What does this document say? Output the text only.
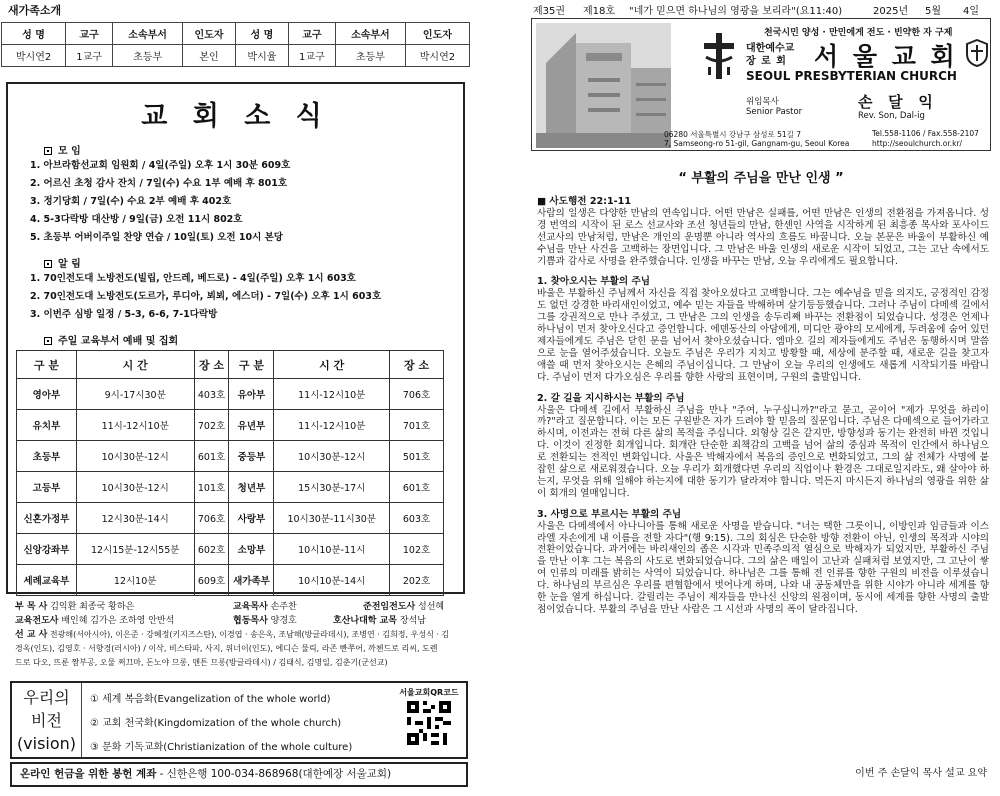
새가족소개
성 명	교구	소속부서	인도자	성 명	교구	소속부서	인도자
박시연2	1교구	초등부	본인	박시율	1교구	초등부	박시연2
교 회 소 식
모 임
1. 아브라함선교회 임원회 / 4일(주일) 오후 1시 30분 609호
2. 어르신 초청 감사 잔치 / 7일(수) 수요 1부 예배 후 801호
3. 정기당회 / 7일(수) 수요 2부 예배 후 402호
4. 5-3다락방 대산방 / 9일(금) 오전 11시 802호
5. 초등부 어버이주일 찬양 연습 / 10일(토) 오전 10시 본당
알 림
1. 70인전도대 노방전도(빌립, 안드레, 베드로) - 4일(주일) 오후 1시 603호
2. 70인전도대 노방전도(도르가, 루디아, 뵈뵈, 에스더) - 7일(수) 오후 1시 603호
3. 이번주 심방 일정 / 5-3, 6-6, 7-1다락방
주일 교육부서 예배 및 집회
구 분	시 간	장 소	구 분	시 간	장 소
영아부	9시-17시30분	403호	유아부	11시-12시10분	706호
유치부	11시-12시10분	702호	유년부	11시-12시10분	701호
초등부	10시30분-12시	601호	중등부	10시30분-12시	501호
고등부	10시30분-12시	101호	청년부	15시30분-17시	601호
신혼가정부	12시30분-14시	706호	사랑부	10시30분-11시30분	603호
신앙강좌부	12시15분-12시55분	602호	소망부	10시10분-11시	102호
세례교육부	12시10분	609호	새가족부	10시10분-14시	202호
부 목 사 김익환 최종국 황하은	교육목사 손주찬	준전임전도사 성선혜
교육전도사 배인혜 김가은 조하영 안반석	협동목사 양경호	호산나대학 교목 장석남
선 교 사 전광해(서아시아), 이은준 · 강혜정(키지즈스탄), 이경엽 · 송은옥, 조남해(방글라데시), 조병연 · 김희정, 우성식 · 김
경옥(인도), 김영호 · 서향경(러시아) / 이삭, 비스타파, 사지, 위너이(인도), 에디슨 물릭, 라존 빤쭈어, 까첸드로 리씨, 도렌
드로 다오, 뜨룬 짬부공, 오물 쩌끄마, 돈노야 므롱, 맨튼 므롱(방글라데시) / 김태식, 김명일, 김춘기(군선교)
우리의
비전
(vision)
① 세계 복음화(Evangelization of the whole world)
② 교회 천국화(Kingdomization of the whole church)
③ 문화 기독교화(Christianization of the whole culture)
서울교회QR코드
온라인 헌금을 위한 봉헌 계좌 - 신한은행 100-034-868968(대한예장 서울교회)
제35권 제18호 "네가 믿으면 하나님의 영광을 보리라"(요11:40)	2025년 5월 4일
천국시민 양성 · 만민에게 전도 · 빈약한 자 구제
대한예수교
장 로 회 서 울 교 회
SEOUL PRESBYTERIAN CHURCH
위임목사
Senior Pastor
손   달   익
Rev. Son, Dal-ig
06280 서울특별시 강남구 삼성로 51길 7
7, Samseong-ro 51-gil, Gangnam-gu, Seoul Korea
Tel.558-1106 / Fax.558-2107
http://seoulchurch.or.kr/
“ 부활의 주님을 만난 인생 ”

■ 사도행전 22:1-11

사람의 일생은 다양한 만남의 연속입니다. 어떤 만남은 실패를, 어떤 만남은 인생의 전환점을 가져옵니다. 성경 번역의 시작이 된 로스 선교사와 조선 청년들의 만남, 한센인 사역을 시작하게 된 최흥종 목사와 포사이드 선교사의 만남처럼, 만남은 개인의 운명뿐 아니라 역사의 흐름도 바꿉니다. 오늘 본문은 바울이 부활하신 예수님을 만난 사건을 고백하는 장면입니다. 그 만남은 바울 인생의 새로운 시작이 되었고, 그는 고난 속에서도 기쁨과 감사로 사명을 완주했습니다. 인생을 바꾸는 만남, 오늘 우리에게도 필요합니다.

1. 찾아오시는 부활의 주님

바울은 부활하신 주님께서 자신을 직접 찾아오셨다고 고백합니다. 그는 예수님을 믿을 의지도, 긍정적인 감정도 없던 강경한 바리새인이었고, 예수 믿는 자들을 박해하며 살기등등했습니다. 그러나 주님이 다메섹 길에서 그를 강권적으로 만나 주셨고, 그 만남은 그의 인생을 송두리째 바꾸는 전환점이 되었습니다. 성경은 언제나 하나님이 먼저 찾아오신다고 증언합니다. 에덴동산의 아담에게, 미디안 광야의 모세에게, 두려움에 숨어 있던 제자들에게도 주님은 닫힌 문을 넘어서 찾아오셨습니다. 엠마오 길의 제자들에게도 주님은 동행하시며 말씀으로 눈을 열어주셨습니다. 오늘도 주님은 우리가 지치고 방황할 때, 세상에 분주할 때, 새로운 길을 찾고자 애쓸 때 먼저 찾아오시는 은혜의 주님이십니다. 그 만남이 오늘 우리의 인생에도 새롭게 시작되기를 바랍니다. 주님이 먼저 다가오심은 우리를 향한 사랑의 표현이며, 구원의 출발입니다.

2. 갈 길을 지시하시는 부활의 주님

사울은 다메섹 길에서 부활하신 주님을 만나 "주여, 누구십니까?"라고 묻고, 곧이어 "제가 무엇을 하리이까?"라고 질문합니다. 이는 모든 구원받은 자가 드려야 할 믿음의 질문입니다. 주님은 다메섹으로 들어가라고 하시며, 이전과는 전혀 다른 삶의 목적을 주십니다. 외형상 길은 같지만, 방향성과 동기는 완전히 바뀐 것입니다. 이것이 진정한 회개입니다. 회개란 단순한 죄책감의 고백을 넘어 삶의 중심과 목적이 인간에서 하나님으로 전환되는 전적인 변화입니다. 사울은 박해자에서 복음의 증인으로 변화되었고, 그의 삶 전체가 사명에 붙잡힌 삶으로 새로워졌습니다. 오늘 우리가 회개했다면 우리의 직업이나 환경은 그대로일지라도, 왜 살아야 하는지, 무엇을 위해 일해야 하는지에 대한 동기가 달라져야 합니다. 먹든지 마시든지 하나님의 영광을 위한 삶이 회개의 열매입니다.

3. 사명으로 부르시는 부활의 주님

사울은 다메섹에서 아나니아를 통해 새로운 사명을 받습니다. "너는 택한 그릇이니, 이방인과 임금들과 이스라엘 자손에게 내 이름을 전할 자다"(행 9:15). 그의 회심은 단순한 방향 전환이 아닌, 인생의 목적과 시야의 전환이었습니다. 과거에는 바리새인의 좁은 시각과 민족주의적 열심으로 박해자가 되었지만, 부활하신 주님을 만난 이후 그는 복음의 사도로 변화되었습니다. 그의 삶은 매일이 고난과 실패처럼 보였지만, 그 고난이 쌓여 인류의 미래를 밝히는 사역이 되었습니다. 하나님은 그를 통해 전 인류를 향한 구원의 비전을 이루셨습니다. 하나님의 부르심은 우리를 편협함에서 벗어나게 하며, 나와 내 공동체만을 위한 시야가 아니라 세계를 향한 눈을 열게 하십니다. 갈릴리는 주님이 제자들을 만나신 신앙의 원점이며, 동시에 세계를 향한 사명의 출발점이었습니다. 부활의 주님을 만난 사람은 그 시선과 사명의 폭이 달라집니다.

이번 주 손달익 목사 설교 요약
